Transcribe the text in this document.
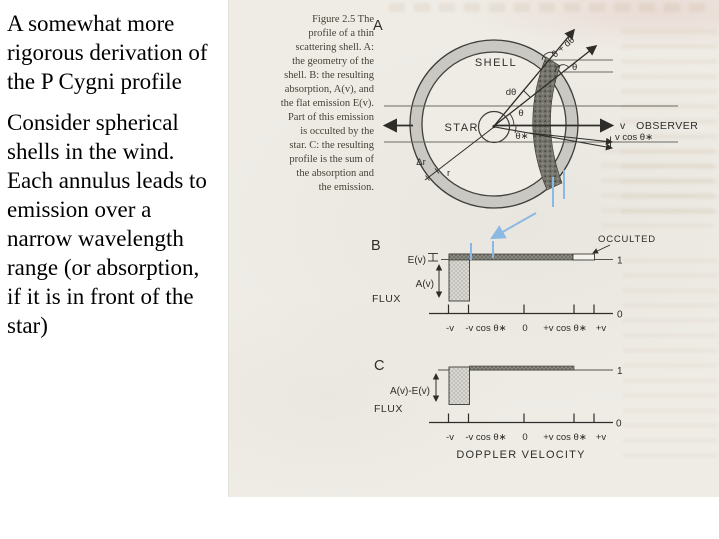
A somewhat more
rigorous derivation of
the P Cygni profile

Consider spherical
shells in the wind.
Each annulus leads to
emission over a
narrow wavelength
range (or absorption,
if it is in front of the
star)

Figure 2.5 The
profile of a thin
scattering shell. A:
the geometry of the
shell. B: the resulting
absorption, A(v), and
the flat emission E(v).
Part of this emission
is occulted by the
star. C: the resulting
profile is the sum of
the absorption and
the emission.
A
SHELL
STAR	v OBSERVER
v cos θ∗
θ + dθ
θ
dθ
θ
θ∗
Δr
r
B
E(v)
A(v)
FLUX
OCCULTED
1
0
-v -v cos θ∗ 0 +v cos θ∗ +v
C
A(v)-E(v)
FLUX
1
0
-v -v cos θ∗ 0 +v cos θ∗ +v
DOPPLER VELOCITY
